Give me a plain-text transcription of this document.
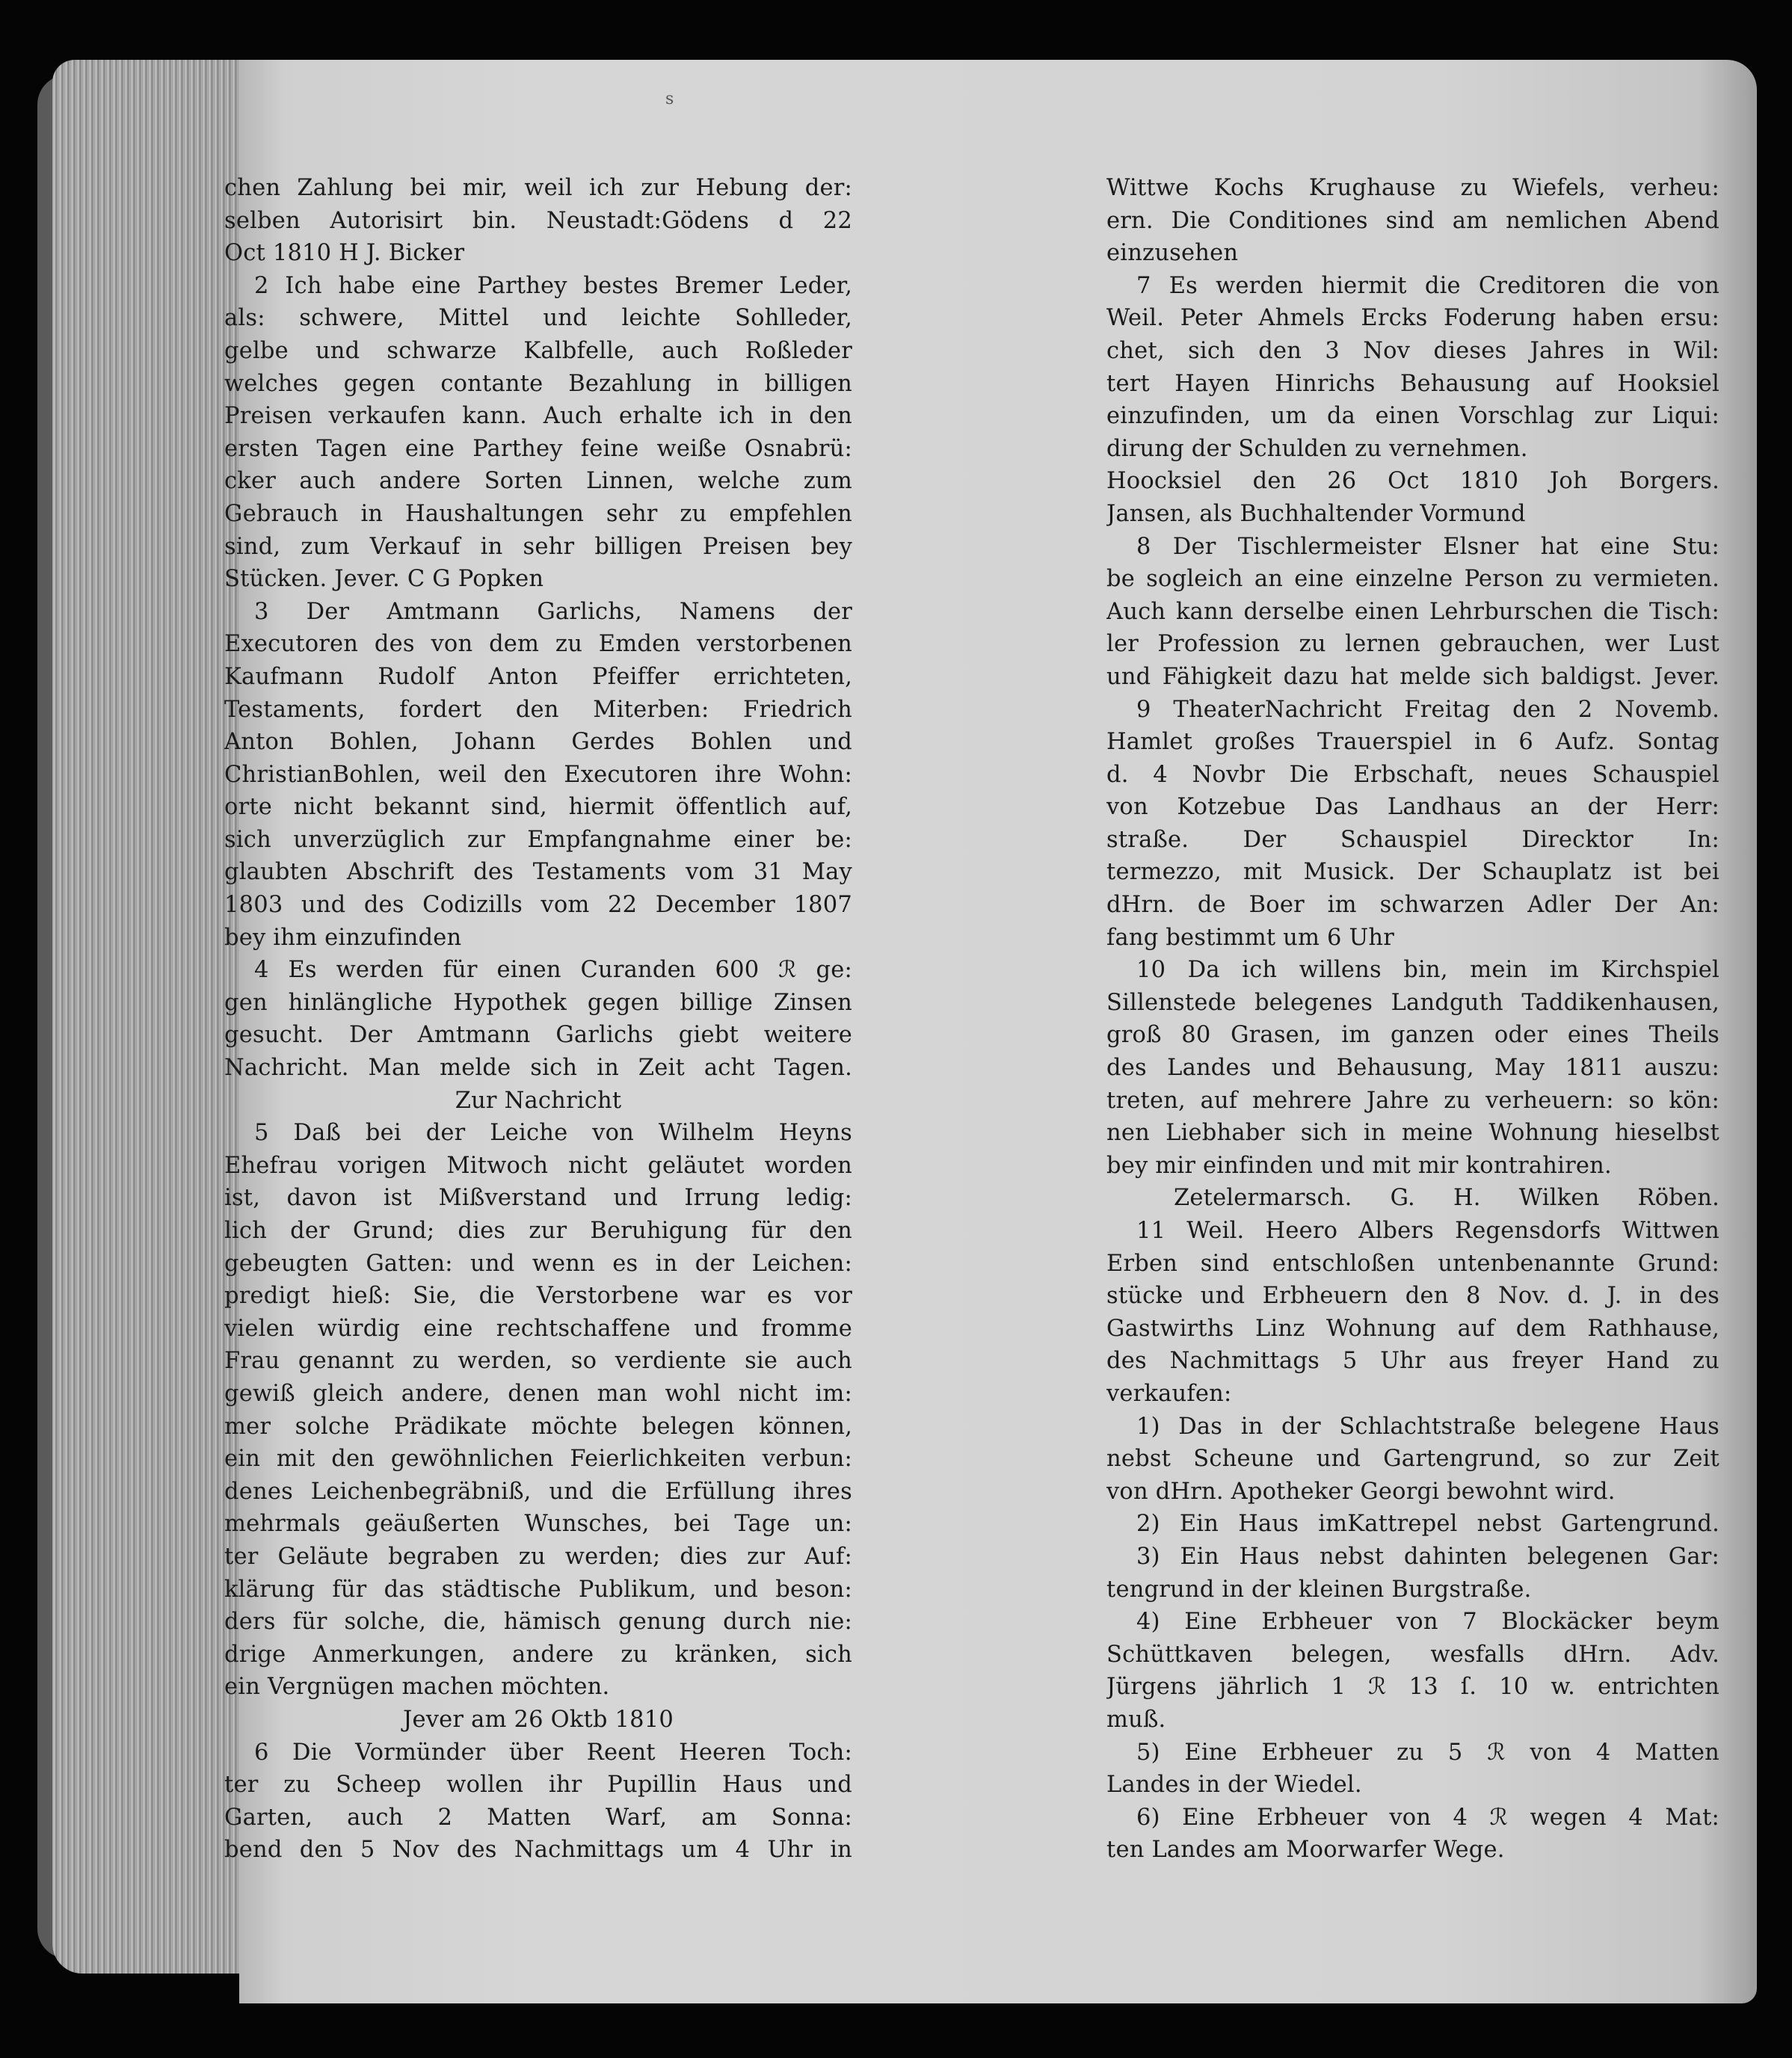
s
chen Zahlung bei mir, weil ich zur Hebung der:
selben Autorisirt bin. Neustadt:Gödens d 22
Oct 1810 H J. Bicker
2 Ich habe eine Parthey bestes Bremer Leder,
als: schwere, Mittel und leichte Sohlleder,
gelbe und schwarze Kalbfelle, auch Roßleder
welches gegen contante Bezahlung in billigen
Preisen verkaufen kann. Auch erhalte ich in den
ersten Tagen eine Parthey feine weiße Osnabrü:
cker auch andere Sorten Linnen, welche zum
Gebrauch in Haushaltungen sehr zu empfehlen
sind, zum Verkauf in sehr billigen Preisen bey
Stücken. Jever. C G Popken
3 Der Amtmann Garlichs, Namens der
Executoren des von dem zu Emden verstorbenen
Kaufmann Rudolf Anton Pfeiffer errichteten,
Testaments, fordert den Miterben: Friedrich
Anton Bohlen, Johann Gerdes Bohlen und
ChristianBohlen, weil den Executoren ihre Wohn:
orte nicht bekannt sind, hiermit öffentlich auf,
sich unverzüglich zur Empfangnahme einer be:
glaubten Abschrift des Testaments vom 31 May
1803 und des Codizills vom 22 December 1807
bey ihm einzufinden
4 Es werden für einen Curanden 600 ℛ ge:
gen hinlängliche Hypothek gegen billige Zinsen
gesucht. Der Amtmann Garlichs giebt weitere
Nachricht. Man melde sich in Zeit acht Tagen.
Zur Nachricht
5 Daß bei der Leiche von Wilhelm Heyns
Ehefrau vorigen Mitwoch nicht geläutet worden
ist, davon ist Mißverstand und Irrung ledig:
lich der Grund; dies zur Beruhigung für den
gebeugten Gatten: und wenn es in der Leichen:
predigt hieß: Sie, die Verstorbene war es vor
vielen würdig eine rechtschaffene und fromme
Frau genannt zu werden, so verdiente sie auch
gewiß gleich andere, denen man wohl nicht im:
mer solche Prädikate möchte belegen können,
ein mit den gewöhnlichen Feierlichkeiten verbun:
denes Leichenbegräbniß, und die Erfüllung ihres
mehrmals geäußerten Wunsches, bei Tage un:
ter Geläute begraben zu werden; dies zur Auf:
klärung für das städtische Publikum, und beson:
ders für solche, die, hämisch genung durch nie:
drige Anmerkungen, andere zu kränken, sich
ein Vergnügen machen möchten.
Jever am 26 Oktb 1810
6 Die Vormünder über Reent Heeren Toch:
ter zu Scheep wollen ihr Pupillin Haus und
Garten, auch 2 Matten Warf, am Sonna:
bend den 5 Nov des Nachmittags um 4 Uhr in
Wittwe Kochs Krughause zu Wiefels, verheu:
ern. Die Conditiones sind am nemlichen Abend
einzusehen
7 Es werden hiermit die Creditoren die von
Weil. Peter Ahmels Ercks Foderung haben ersu:
chet, sich den 3 Nov dieses Jahres in Wil:
tert Hayen Hinrichs Behausung auf Hooksiel
einzufinden, um da einen Vorschlag zur Liqui:
dirung der Schulden zu vernehmen.
Hoocksiel den 26 Oct 1810 Joh Borgers.
Jansen, als Buchhaltender Vormund
8 Der Tischlermeister Elsner hat eine Stu:
be sogleich an eine einzelne Person zu vermieten.
Auch kann derselbe einen Lehrburschen die Tisch:
ler Profession zu lernen gebrauchen, wer Lust
und Fähigkeit dazu hat melde sich baldigst. Jever.
9 TheaterNachricht Freitag den 2 Novemb.
Hamlet großes Trauerspiel in 6 Aufz. Sontag
d. 4 Novbr Die Erbschaft, neues Schauspiel
von Kotzebue Das Landhaus an der Herr:
straße. Der Schauspiel Direcktor In:
termezzo, mit Musick. Der Schauplatz ist bei
dHrn. de Boer im schwarzen Adler Der An:
fang bestimmt um 6 Uhr
10 Da ich willens bin, mein im Kirchspiel
Sillenstede belegenes Landguth Taddikenhausen,
groß 80 Grasen, im ganzen oder eines Theils
des Landes und Behausung, May 1811 auszu:
treten, auf mehrere Jahre zu verheuern: so kön:
nen Liebhaber sich in meine Wohnung hieselbst
bey mir einfinden und mit mir kontrahiren.
Zetelermarsch. G. H. Wilken Röben.
11 Weil. Heero Albers Regensdorfs Wittwen
Erben sind entschloßen untenbenannte Grund:
stücke und Erbheuern den 8 Nov. d. J. in des
Gastwirths Linz Wohnung auf dem Rathhause,
des Nachmittags 5 Uhr aus freyer Hand zu
verkaufen:
1) Das in der Schlachtstraße belegene Haus
nebst Scheune und Gartengrund, so zur Zeit
von dHrn. Apotheker Georgi bewohnt wird.
2) Ein Haus imKattrepel nebst Gartengrund.
3) Ein Haus nebst dahinten belegenen Gar:
tengrund in der kleinen Burgstraße.
4) Eine Erbheuer von 7 Blockäcker beym
Schüttkaven belegen, wesfalls dHrn. Adv.
Jürgens jährlich 1 ℛ 13 ſ. 10 w. entrichten
muß.
5) Eine Erbheuer zu 5 ℛ von 4 Matten
Landes in der Wiedel.
6) Eine Erbheuer von 4 ℛ wegen 4 Mat:
ten Landes am Moorwarfer Wege.
